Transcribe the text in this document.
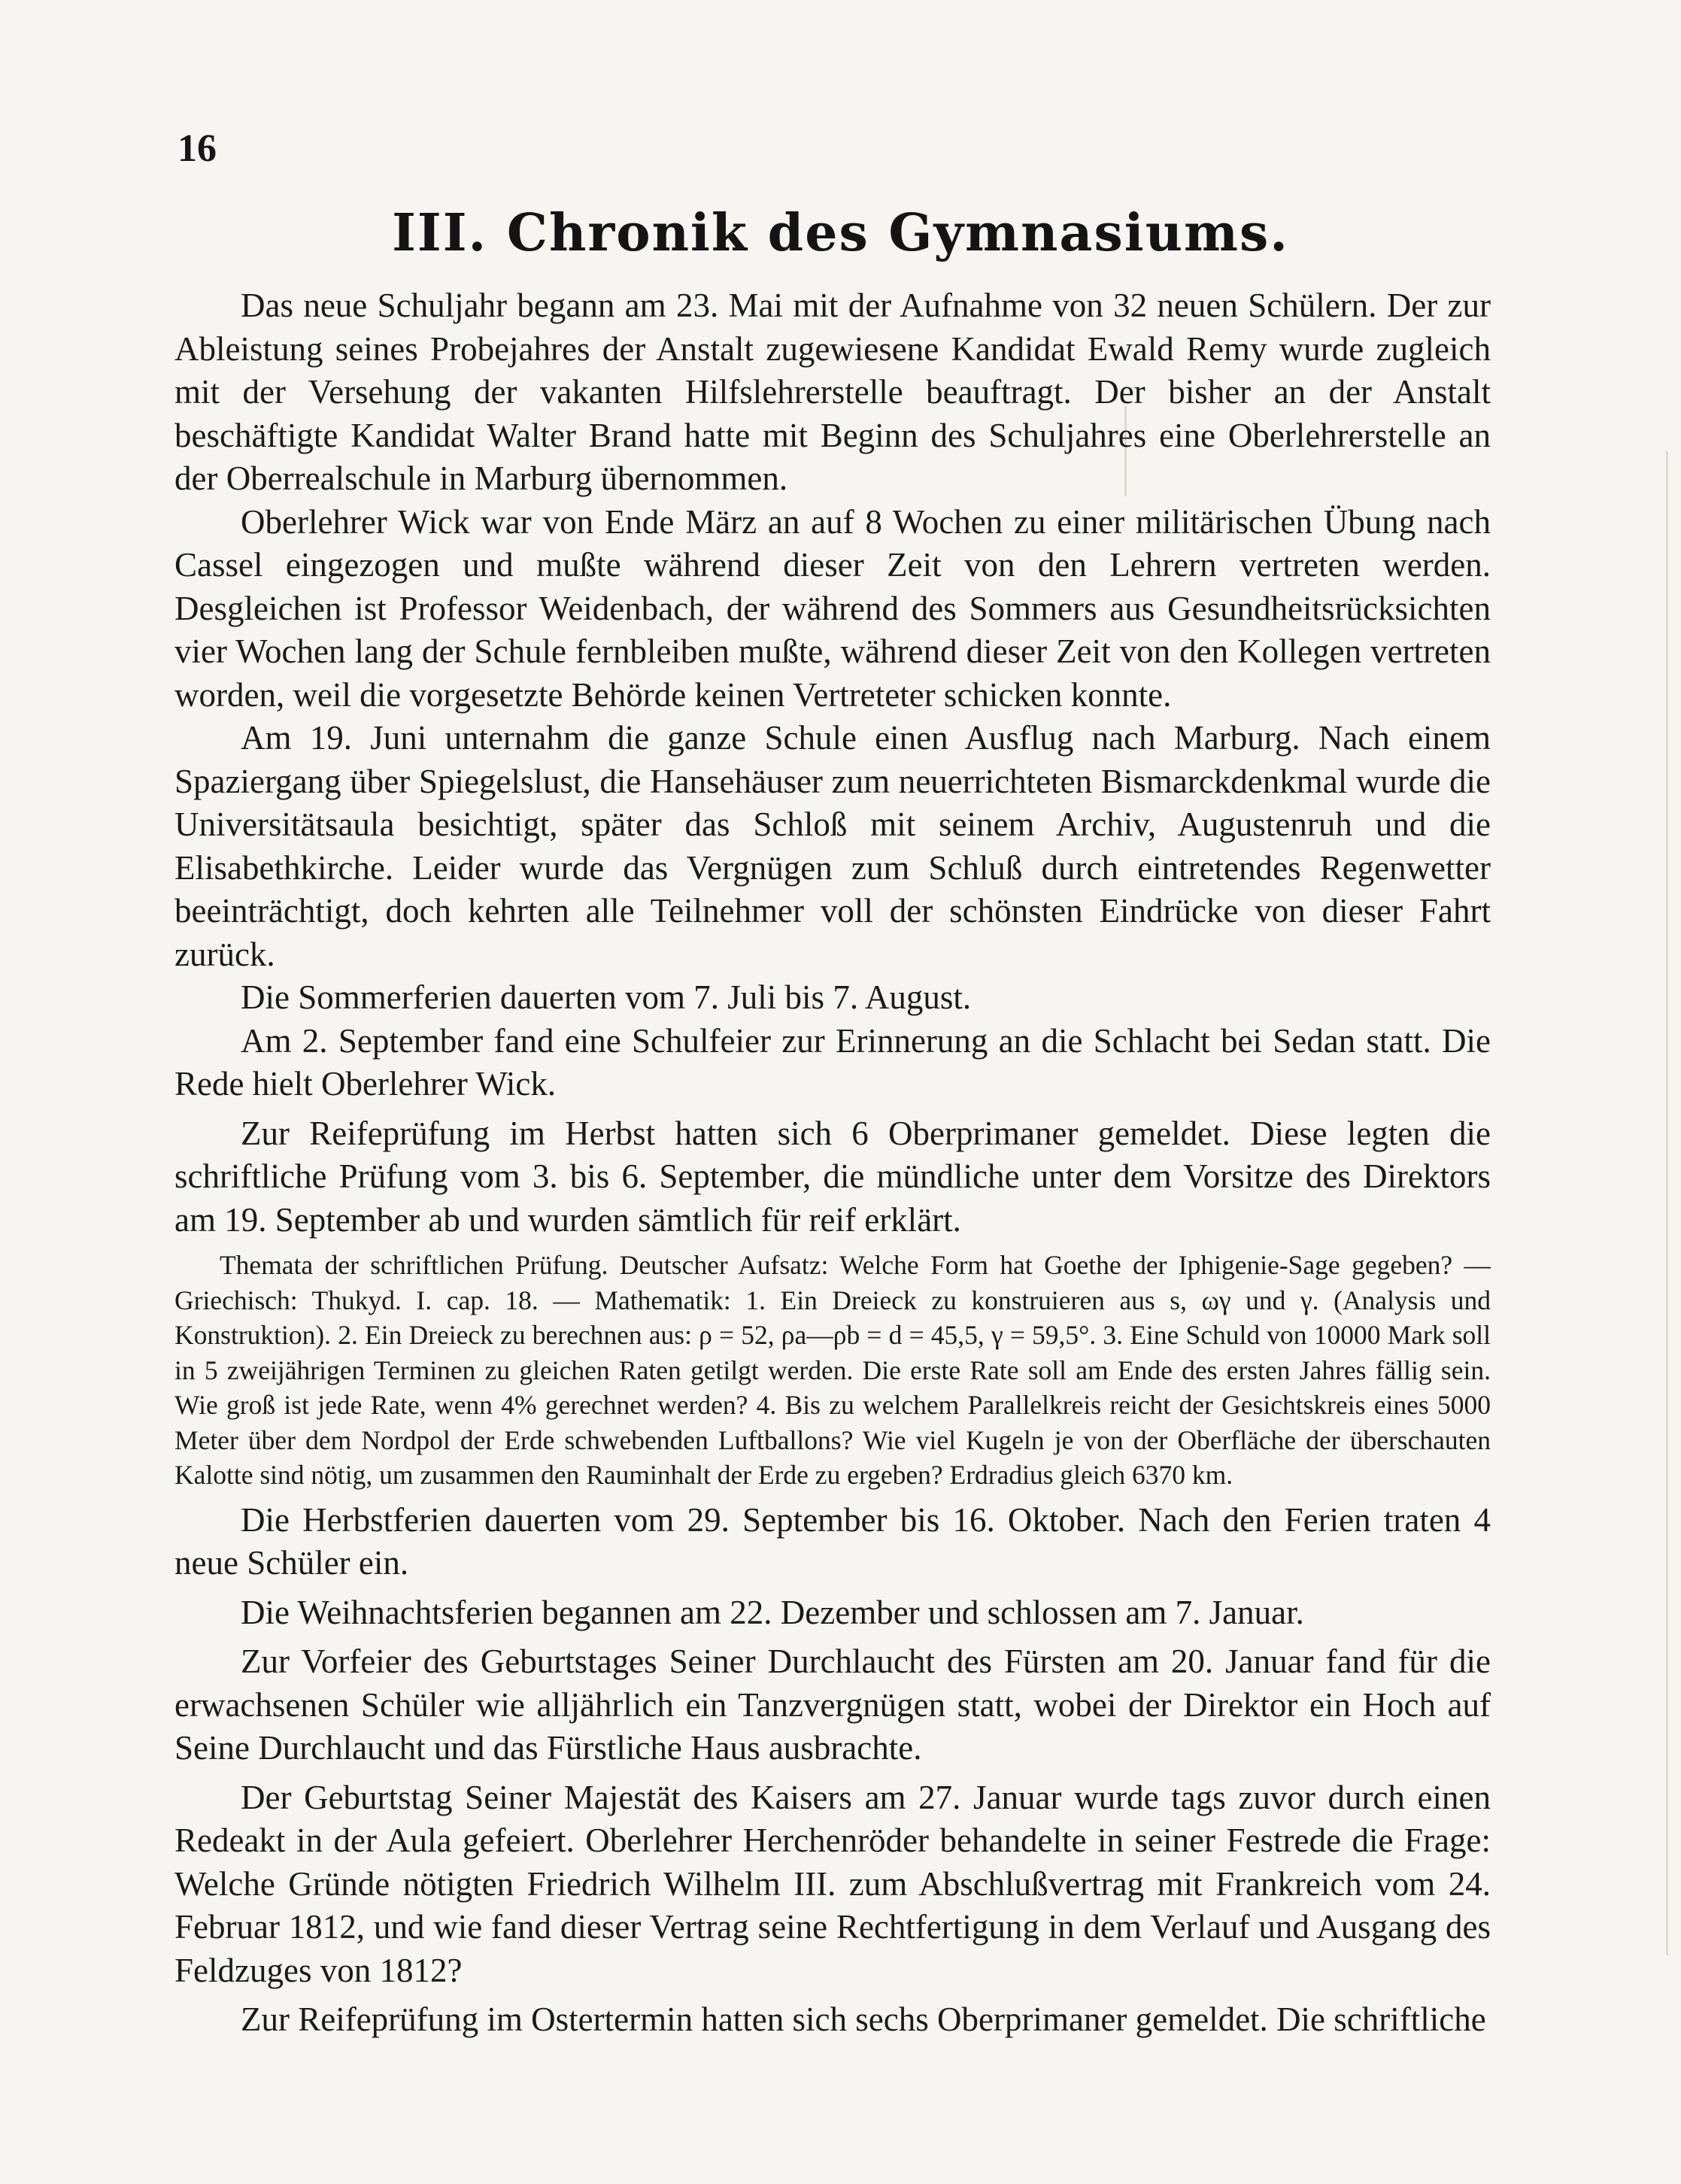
16
III. Chronik des Gymnasiums.

Das neue Schuljahr begann am 23. Mai mit der Aufnahme von 32 neuen Schülern. Der zur Ableistung seines Probejahres der Anstalt zugewiesene Kandidat Ewald Remy wurde zugleich mit der Versehung der vakanten Hilfslehrerstelle beauftragt. Der bisher an der Anstalt beschäftigte Kandidat Walter Brand hatte mit Beginn des Schuljahres eine Oberlehrerstelle an der Oberrealschule in Marburg übernommen.

Oberlehrer Wick war von Ende März an auf 8 Wochen zu einer militärischen Übung nach Cassel eingezogen und mußte während dieser Zeit von den Lehrern vertreten werden. Desgleichen ist Professor Weidenbach, der während des Sommers aus Gesundheitsrücksichten vier Wochen lang der Schule fernbleiben mußte, während dieser Zeit von den Kollegen vertreten worden, weil die vorgesetzte Behörde keinen Vertreteter schicken konnte.

Am 19. Juni unternahm die ganze Schule einen Ausflug nach Marburg. Nach einem Spaziergang über Spiegelslust, die Hansehäuser zum neuerrichteten Bismarckdenkmal wurde die Universitätsaula besichtigt, später das Schloß mit seinem Archiv, Augustenruh und die Elisabethkirche. Leider wurde das Vergnügen zum Schluß durch eintretendes Regenwetter beeinträchtigt, doch kehrten alle Teilnehmer voll der schönsten Eindrücke von dieser Fahrt zurück.

Die Sommerferien dauerten vom 7. Juli bis 7. August.

Am 2. September fand eine Schulfeier zur Erinnerung an die Schlacht bei Sedan statt. Die Rede hielt Oberlehrer Wick.

Zur Reifeprüfung im Herbst hatten sich 6 Oberprimaner gemeldet. Diese legten die schriftliche Prüfung vom 3. bis 6. September, die mündliche unter dem Vorsitze des Direktors am 19. September ab und wurden sämtlich für reif erklärt.

Themata der schriftlichen Prüfung. Deutscher Aufsatz: Welche Form hat Goethe der Iphigenie-Sage gegeben? — Griechisch: Thukyd. I. cap. 18. — Mathematik: 1. Ein Dreieck zu konstruieren aus s, ωγ und γ. (Analysis und Konstruktion). 2. Ein Dreieck zu berechnen aus: ρ = 52, ρa—ρb = d = 45,5, γ = 59,5°. 3. Eine Schuld von 10000 Mark soll in 5 zweijährigen Terminen zu gleichen Raten getilgt werden. Die erste Rate soll am Ende des ersten Jahres fällig sein. Wie groß ist jede Rate, wenn 4% gerechnet werden? 4. Bis zu welchem Parallelkreis reicht der Gesichtskreis eines 5000 Meter über dem Nordpol der Erde schwebenden Luftballons? Wie viel Kugeln je von der Oberfläche der überschauten Kalotte sind nötig, um zusammen den Rauminhalt der Erde zu ergeben? Erdradius gleich 6370 km.

Die Herbstferien dauerten vom 29. September bis 16. Oktober. Nach den Ferien traten 4 neue Schüler ein.

Die Weihnachtsferien begannen am 22. Dezember und schlossen am 7. Januar.

Zur Vorfeier des Geburtstages Seiner Durchlaucht des Fürsten am 20. Januar fand für die erwachsenen Schüler wie alljährlich ein Tanzvergnügen statt, wobei der Direktor ein Hoch auf Seine Durchlaucht und das Fürstliche Haus ausbrachte.

Der Geburtstag Seiner Majestät des Kaisers am 27. Januar wurde tags zuvor durch einen Redeakt in der Aula gefeiert. Oberlehrer Herchenröder behandelte in seiner Festrede die Frage: Welche Gründe nötigten Friedrich Wilhelm III. zum Abschlußvertrag mit Frankreich vom 24. Februar 1812, und wie fand dieser Vertrag seine Rechtfertigung in dem Verlauf und Ausgang des Feldzuges von 1812?

Zur Reifeprüfung im Ostertermin hatten sich sechs Oberprimaner gemeldet. Die schriftliche
